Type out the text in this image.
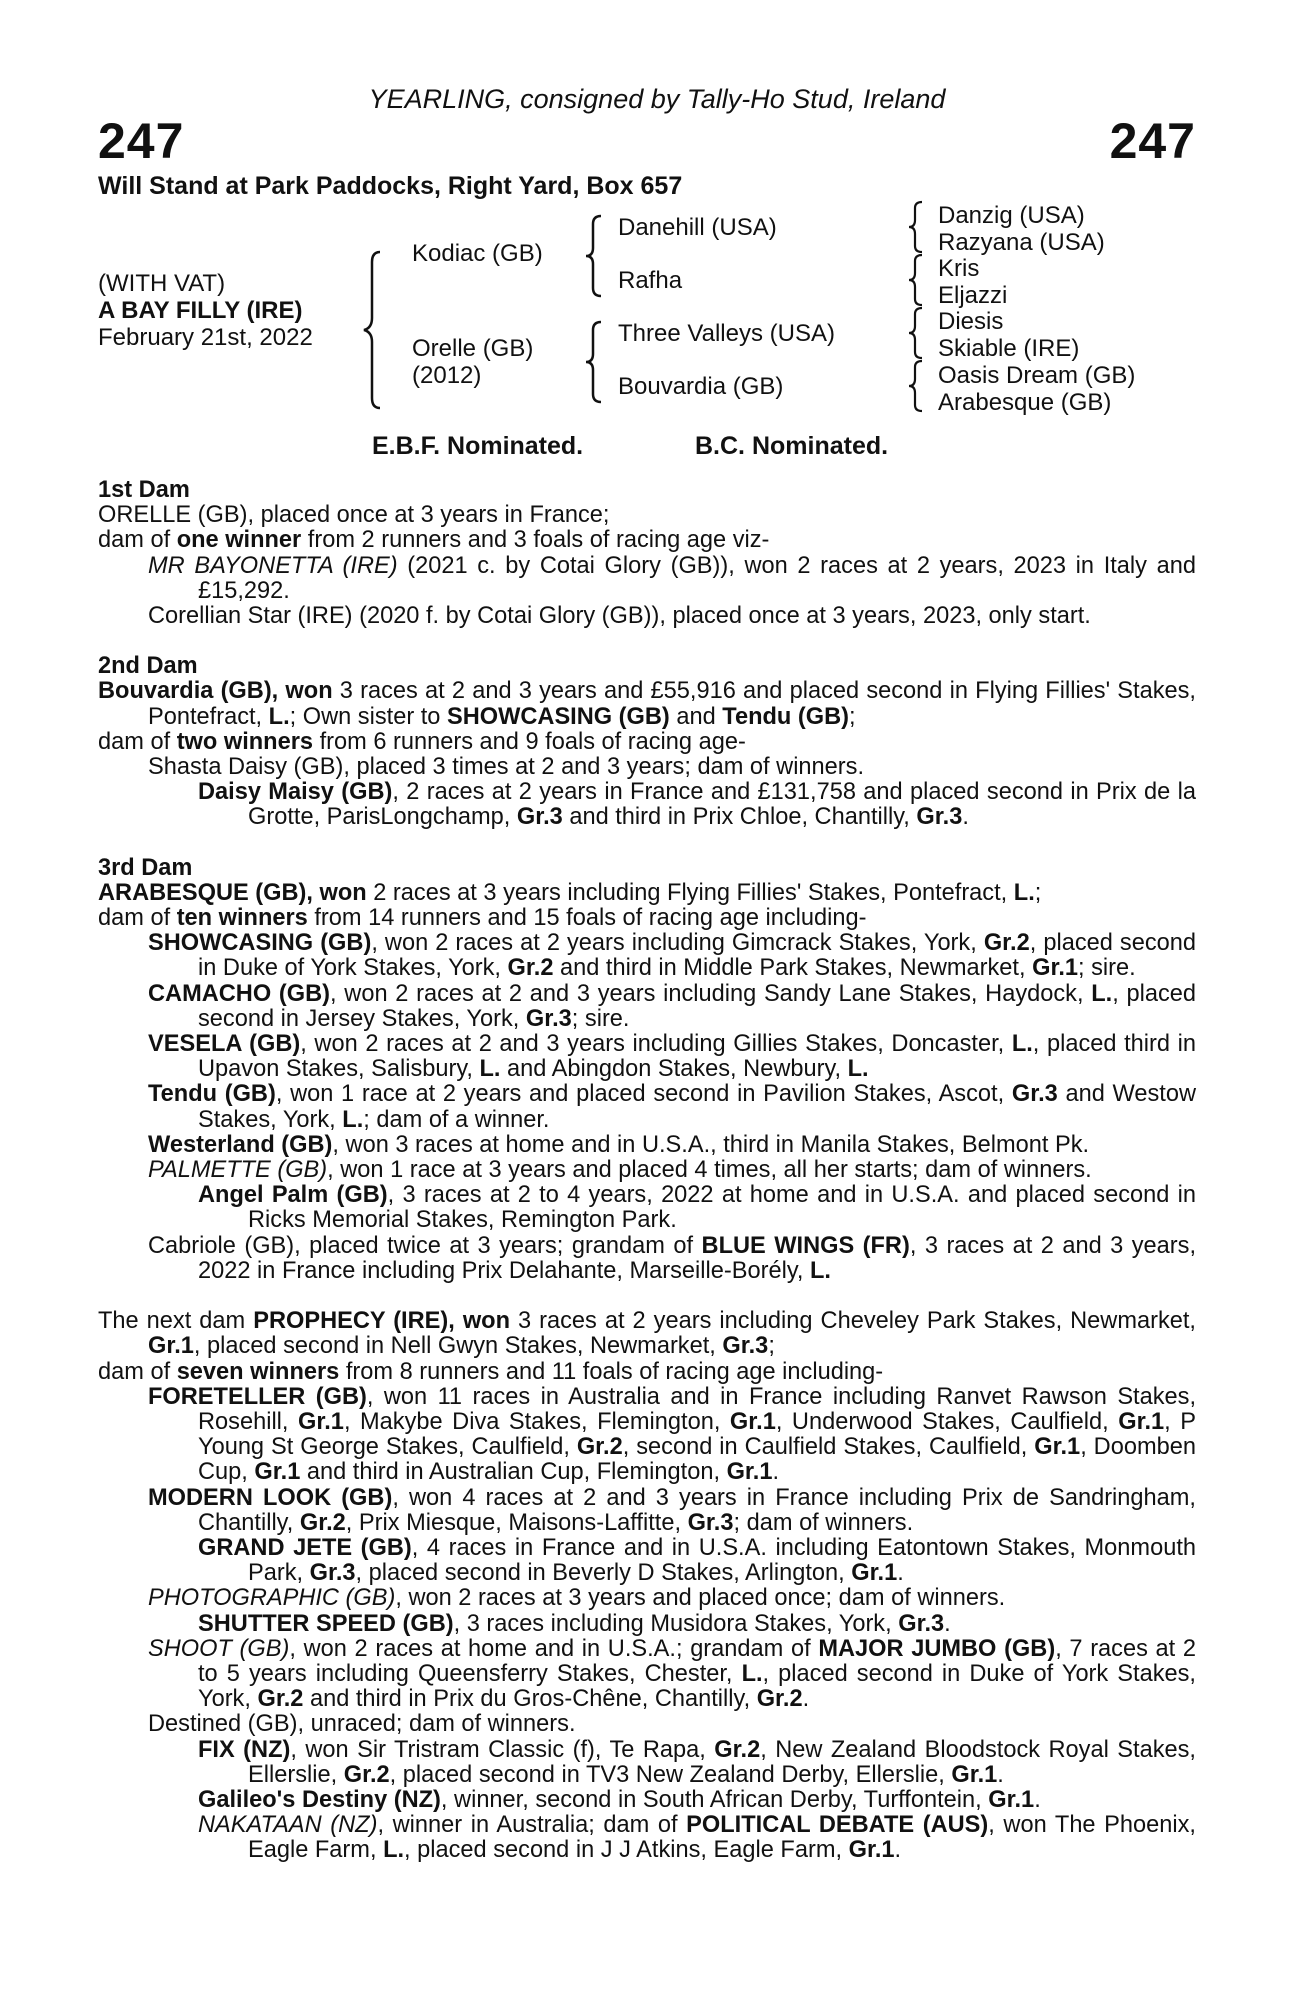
YEARLING, consigned by Tally-Ho Stud, Ireland
247	247
Will Stand at Park Paddocks, Right Yard, Box 657
(WITH VAT)
A BAY FILLY (IRE)
February 21st, 2022
Kodiac (GB)
Orelle (GB)
(2012)
Danehill (USA)
Rafha
Three Valleys (USA)
Bouvardia (GB)
Danzig (USA)
Razyana (USA)
Kris
Eljazzi
Diesis
Skiable (IRE)
Oasis Dream (GB)
Arabesque (GB)
E.B.F. Nominated.	B.C. Nominated.
1st Dam
ORELLE (GB), placed once at 3 years in France;
dam of one winner from 2 runners and 3 foals of racing age viz-
MR BAYONETTA (IRE) (2021 c. by Cotai Glory (GB)), won 2 races at 2 years, 2023 in Italy and £15,292.
Corellian Star (IRE) (2020 f. by Cotai Glory (GB)), placed once at 3 years, 2023, only start.
2nd Dam
Bouvardia (GB), won 3 races at 2 and 3 years and £55,916 and placed second in Flying Fillies' Stakes, Pontefract, L.; Own sister to SHOWCASING (GB) and Tendu (GB);
dam of two winners from 6 runners and 9 foals of racing age-
Shasta Daisy (GB), placed 3 times at 2 and 3 years; dam of winners.
Daisy Maisy (GB), 2 races at 2 years in France and £131,758 and placed second in Prix de la Grotte, ParisLongchamp, Gr.3 and third in Prix Chloe, Chantilly, Gr.3.
3rd Dam
ARABESQUE (GB), won 2 races at 3 years including Flying Fillies' Stakes, Pontefract, L.;
dam of ten winners from 14 runners and 15 foals of racing age including-
SHOWCASING (GB), won 2 races at 2 years including Gimcrack Stakes, York, Gr.2, placed second in Duke of York Stakes, York, Gr.2 and third in Middle Park Stakes, Newmarket, Gr.1; sire.
CAMACHO (GB), won 2 races at 2 and 3 years including Sandy Lane Stakes, Haydock, L., placed second in Jersey Stakes, York, Gr.3; sire.
VESELA (GB), won 2 races at 2 and 3 years including Gillies Stakes, Doncaster, L., placed third in Upavon Stakes, Salisbury, L. and Abingdon Stakes, Newbury, L.
Tendu (GB), won 1 race at 2 years and placed second in Pavilion Stakes, Ascot, Gr.3 and Westow Stakes, York, L.; dam of a winner.
Westerland (GB), won 3 races at home and in U.S.A., third in Manila Stakes, Belmont Pk.
PALMETTE (GB), won 1 race at 3 years and placed 4 times, all her starts; dam of winners.
Angel Palm (GB), 3 races at 2 to 4 years, 2022 at home and in U.S.A. and placed second in Ricks Memorial Stakes, Remington Park.
Cabriole (GB), placed twice at 3 years; grandam of BLUE WINGS (FR), 3 races at 2 and 3 years, 2022 in France including Prix Delahante, Marseille-Borély, L.
The next dam PROPHECY (IRE), won 3 races at 2 years including Cheveley Park Stakes, Newmarket, Gr.1, placed second in Nell Gwyn Stakes, Newmarket, Gr.3;
dam of seven winners from 8 runners and 11 foals of racing age including-
FORETELLER (GB), won 11 races in Australia and in France including Ranvet Rawson Stakes, Rosehill, Gr.1, Makybe Diva Stakes, Flemington, Gr.1, Underwood Stakes, Caulfield, Gr.1, P Young St George Stakes, Caulfield, Gr.2, second in Caulfield Stakes, Caulfield, Gr.1, Doomben Cup, Gr.1 and third in Australian Cup, Flemington, Gr.1.
MODERN LOOK (GB), won 4 races at 2 and 3 years in France including Prix de Sandringham, Chantilly, Gr.2, Prix Miesque, Maisons-Laffitte, Gr.3; dam of winners.
GRAND JETE (GB), 4 races in France and in U.S.A. including Eatontown Stakes, Monmouth Park, Gr.3, placed second in Beverly D Stakes, Arlington, Gr.1.
PHOTOGRAPHIC (GB), won 2 races at 3 years and placed once; dam of winners.
SHUTTER SPEED (GB), 3 races including Musidora Stakes, York, Gr.3.
SHOOT (GB), won 2 races at home and in U.S.A.; grandam of MAJOR JUMBO (GB), 7 races at 2 to 5 years including Queensferry Stakes, Chester, L., placed second in Duke of York Stakes, York, Gr.2 and third in Prix du Gros-Chêne, Chantilly, Gr.2.
Destined (GB), unraced; dam of winners.
FIX (NZ), won Sir Tristram Classic (f), Te Rapa, Gr.2, New Zealand Bloodstock Royal Stakes, Ellerslie, Gr.2, placed second in TV3 New Zealand Derby, Ellerslie, Gr.1.
Galileo's Destiny (NZ), winner, second in South African Derby, Turffontein, Gr.1.
NAKATAAN (NZ), winner in Australia; dam of POLITICAL DEBATE (AUS), won The Phoenix, Eagle Farm, L., placed second in J J Atkins, Eagle Farm, Gr.1.
